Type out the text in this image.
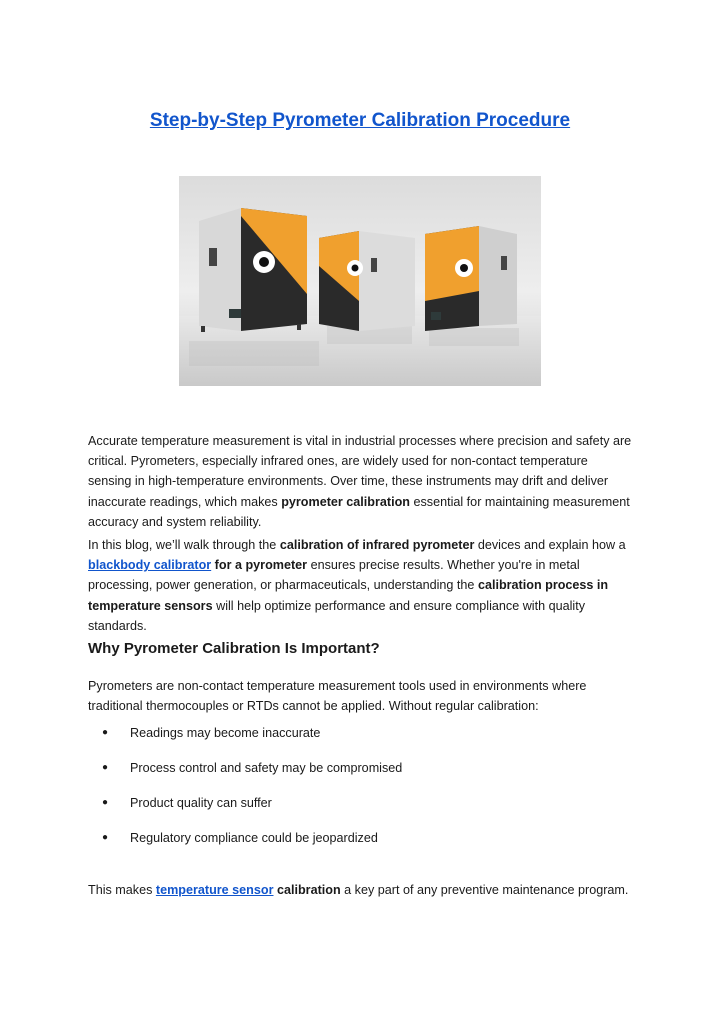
Step-by-Step Pyrometer Calibration Procedure
Accurate temperature measurement is vital in industrial processes where precision and safety are critical. Pyrometers, especially infrared ones, are widely used for non-contact temperature sensing in high-temperature environments. Over time, these instruments may drift and deliver inaccurate readings, which makes pyrometer calibration essential for maintaining measurement accuracy and system reliability.
In this blog, we’ll walk through the calibration of infrared pyrometer devices and explain how a blackbody calibrator for a pyrometer ensures precise results. Whether you're in metal processing, power generation, or pharmaceuticals, understanding the calibration process in temperature sensors will help optimize performance and ensure compliance with quality standards.
Why Pyrometer Calibration Is Important?
Pyrometers are non-contact temperature measurement tools used in environments where traditional thermocouples or RTDs cannot be applied. Without regular calibration:
●	Readings may become inaccurate
●	Process control and safety may be compromised
●	Product quality can suffer
●	Regulatory compliance could be jeopardized
This makes temperature sensor calibration a key part of any preventive maintenance program.
